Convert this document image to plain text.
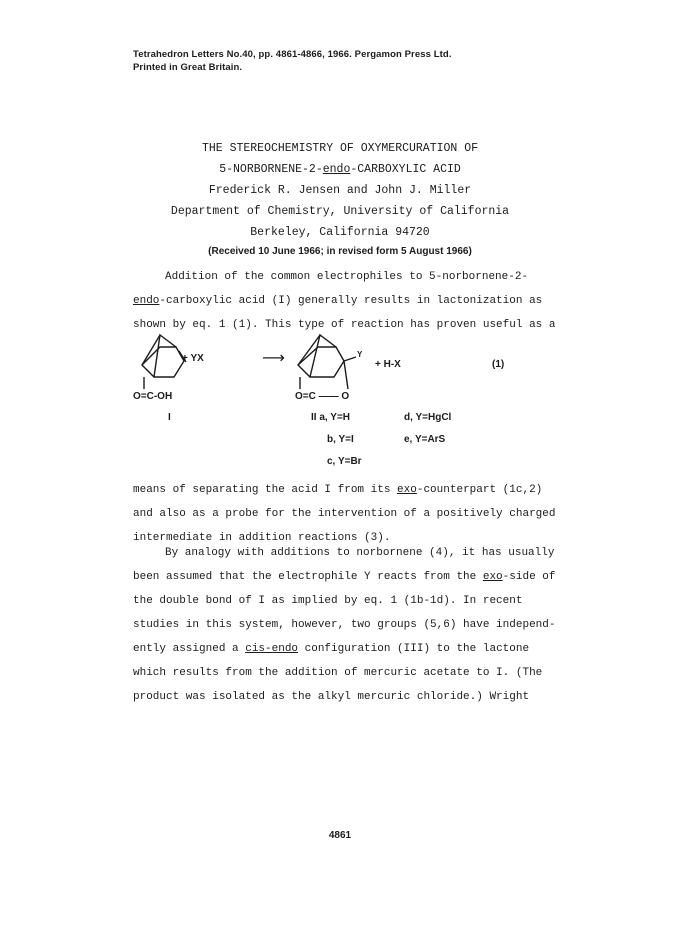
Tetrahedron Letters No.40, pp. 4861-4866, 1966. Pergamon Press Ltd.
Printed in Great Britain.
THE STEREOCHEMISTRY OF OXYMERCURATION OF
5-NORBORNENE-2-endo-CARBOXYLIC ACID
Frederick R. Jensen and John J. Miller
Department of Chemistry, University of California
Berkeley, California 94720
(Received 10 June 1966; in revised form 5 August 1966)
Addition of the common electrophiles to 5-norbornene-2-
endo-carboxylic acid (I) generally results in lactonization as
shown by eq. 1 (1). This type of reaction has proven useful as a
+ YX	⟶	Y
+ H-X	(1)
O=C-OH	O=C —— O
I	II a, Y=H	d, Y=HgCl
b, Y=I	e, Y=ArS
c, Y=Br
means of separating the acid I from its exo-counterpart (1c,2)
and also as a probe for the intervention of a positively charged
intermediate in addition reactions (3).
By analogy with additions to norbornene (4), it has usually
been assumed that the electrophile Y reacts from the exo-side of
the double bond of I as implied by eq. 1 (1b-1d). In recent
studies in this system, however, two groups (5,6) have independ-
ently assigned a cis-endo configuration (III) to the lactone
which results from the addition of mercuric acetate to I. (The
product was isolated as the alkyl mercuric chloride.) Wright
4861
